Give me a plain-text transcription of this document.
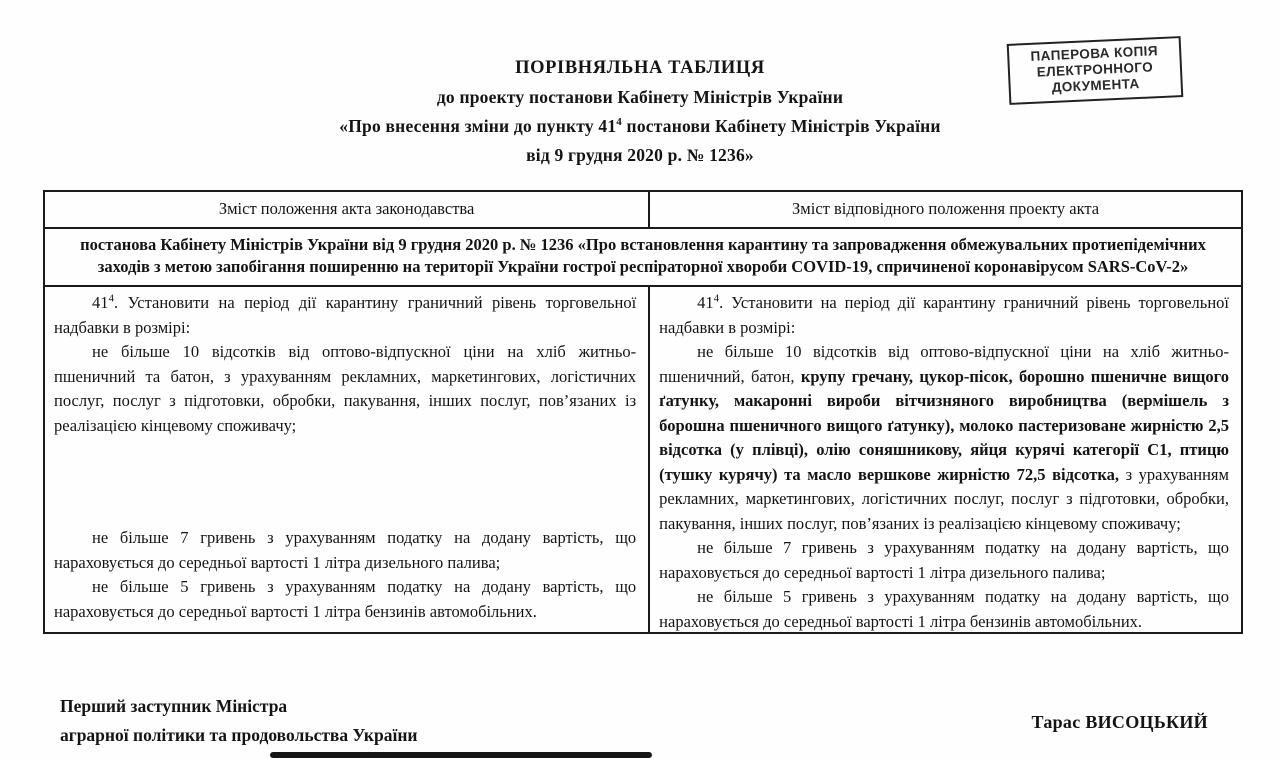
ПОРІВНЯЛЬНА ТАБЛИЦЯ
до проекту постанови Кабінету Міністрів України
«Про внесення зміни до пункту $41^4$ постанови Кабінету Міністрів України
від 9 грудня 2020 р. № 1236»
ПАПЕРОВА КОПІЯ
ЕЛЕКТРОННОГО
ДОКУМЕНТА
Зміст положення акта законодавства	Зміст відповідного положення проекту акта
постанова Кабінету Міністрів України від 9 грудня 2020 р. № 1236 «Про встановлення карантину та запровадження обмежувальних протиепідемічних заходів з метою запобігання поширенню на території України гострої респіраторної хвороби COVID-19, спричиненої коронавірусом SARS-CoV-2»

$41^4$. Установити на період дії карантину граничний рівень торговельної надбавки в розмірі:

не більше 10 відсотків від оптово-відпускної ціни на хліб житньо-пшеничний та батон, з урахуванням рекламних, маркетингових, логістичних послуг, послуг з підготовки, обробки, пакування, інших послуг, пов’язаних із реалізацією кінцевому споживачу;

не більше 7 гривень з урахуванням податку на додану вартість, що нараховується до середньої вартості 1 літра дизельного палива;

не більше 5 гривень з урахуванням податку на додану вартість, що нараховується до середньої вартості 1 літра бензинів автомобільних.

$41^4$. Установити на період дії карантину граничний рівень торговельної надбавки в розмірі:

не більше 10 відсотків від оптово-відпускної ціни на хліб житньо-пшеничний, батон, крупу гречану, цукор-пісок, борошно пшеничне вищого ґатунку, макаронні вироби вітчизняного виробництва (вермішель з борошна пшеничного вищого ґатунку), молоко пастеризоване жирністю 2,5 відсотка (у плівці), олію соняшникову, яйця курячі категорії С1, птицю (тушку курячу) та масло вершкове жирністю 72,5 відсотка, з урахуванням рекламних, маркетингових, логістичних послуг, послуг з підготовки, обробки, пакування, інших послуг, пов’язаних із реалізацією кінцевому споживачу;

не більше 7 гривень з урахуванням податку на додану вартість, що нараховується до середньої вартості 1 літра дизельного палива;

не більше 5 гривень з урахуванням податку на додану вартість, що нараховується до середньої вартості 1 літра бензинів автомобільних.

Перший заступник Міністра
аграрної політики та продовольства України
Тарас ВИСОЦЬКИЙ
